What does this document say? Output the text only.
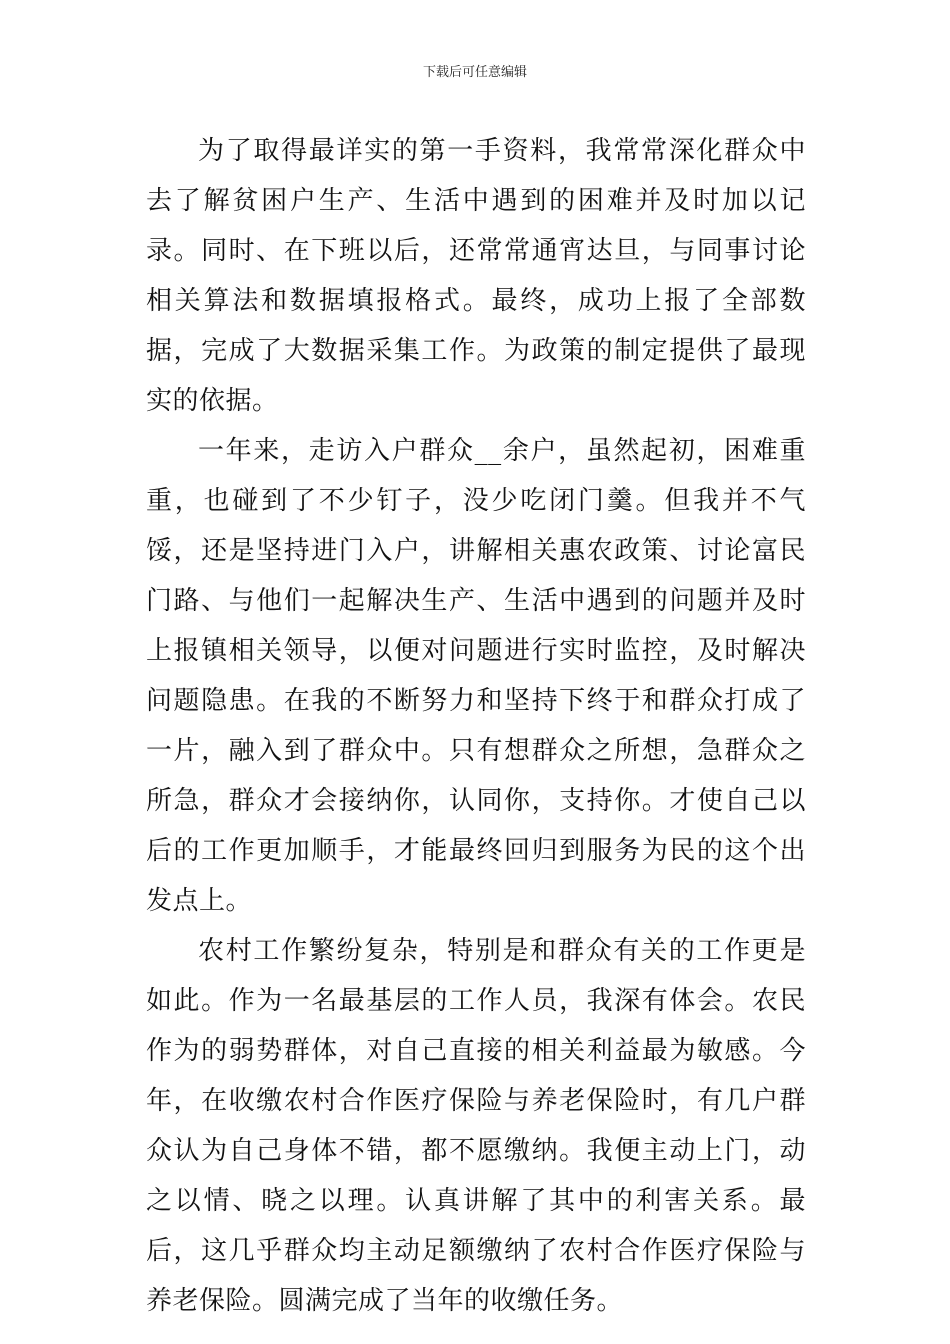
下载后可任意编辑

为了取得最详实的第一手资料，我常常深化群众中去了解贫困户生产、生活中遇到的困难并及时加以记录。同时、在下班以后，还常常通宵达旦，与同事讨论相关算法和数据填报格式。最终，成功上报了全部数据，完成了大数据采集工作。为政策的制定提供了最现实的依据。

一年来，走访入户群众__余户，虽然起初，困难重重，也碰到了不少钉子，没少吃闭门羹。但我并不气馁，还是坚持进门入户，讲解相关惠农政策、讨论富民门路、与他们一起解决生产、生活中遇到的问题并及时上报镇相关领导，以便对问题进行实时监控，及时解决问题隐患。在我的不断努力和坚持下终于和群众打成了一片，融入到了群众中。只有想群众之所想，急群众之所急，群众才会接纳你，认同你，支持你。才使自己以后的工作更加顺手，才能最终回归到服务为民的这个出发点上。

农村工作繁纷复杂，特别是和群众有关的工作更是如此。作为一名最基层的工作人员，我深有体会。农民作为的弱势群体，对自己直接的相关利益最为敏感。今年，在收缴农村合作医疗保险与养老保险时，有几户群众认为自己身体不错，都不愿缴纳。我便主动上门，动之以情、晓之以理。认真讲解了其中的利害关系。最后，这几乎群众均主动足额缴纳了农村合作医疗保险与养老保险。圆满完成了当年的收缴任务。
